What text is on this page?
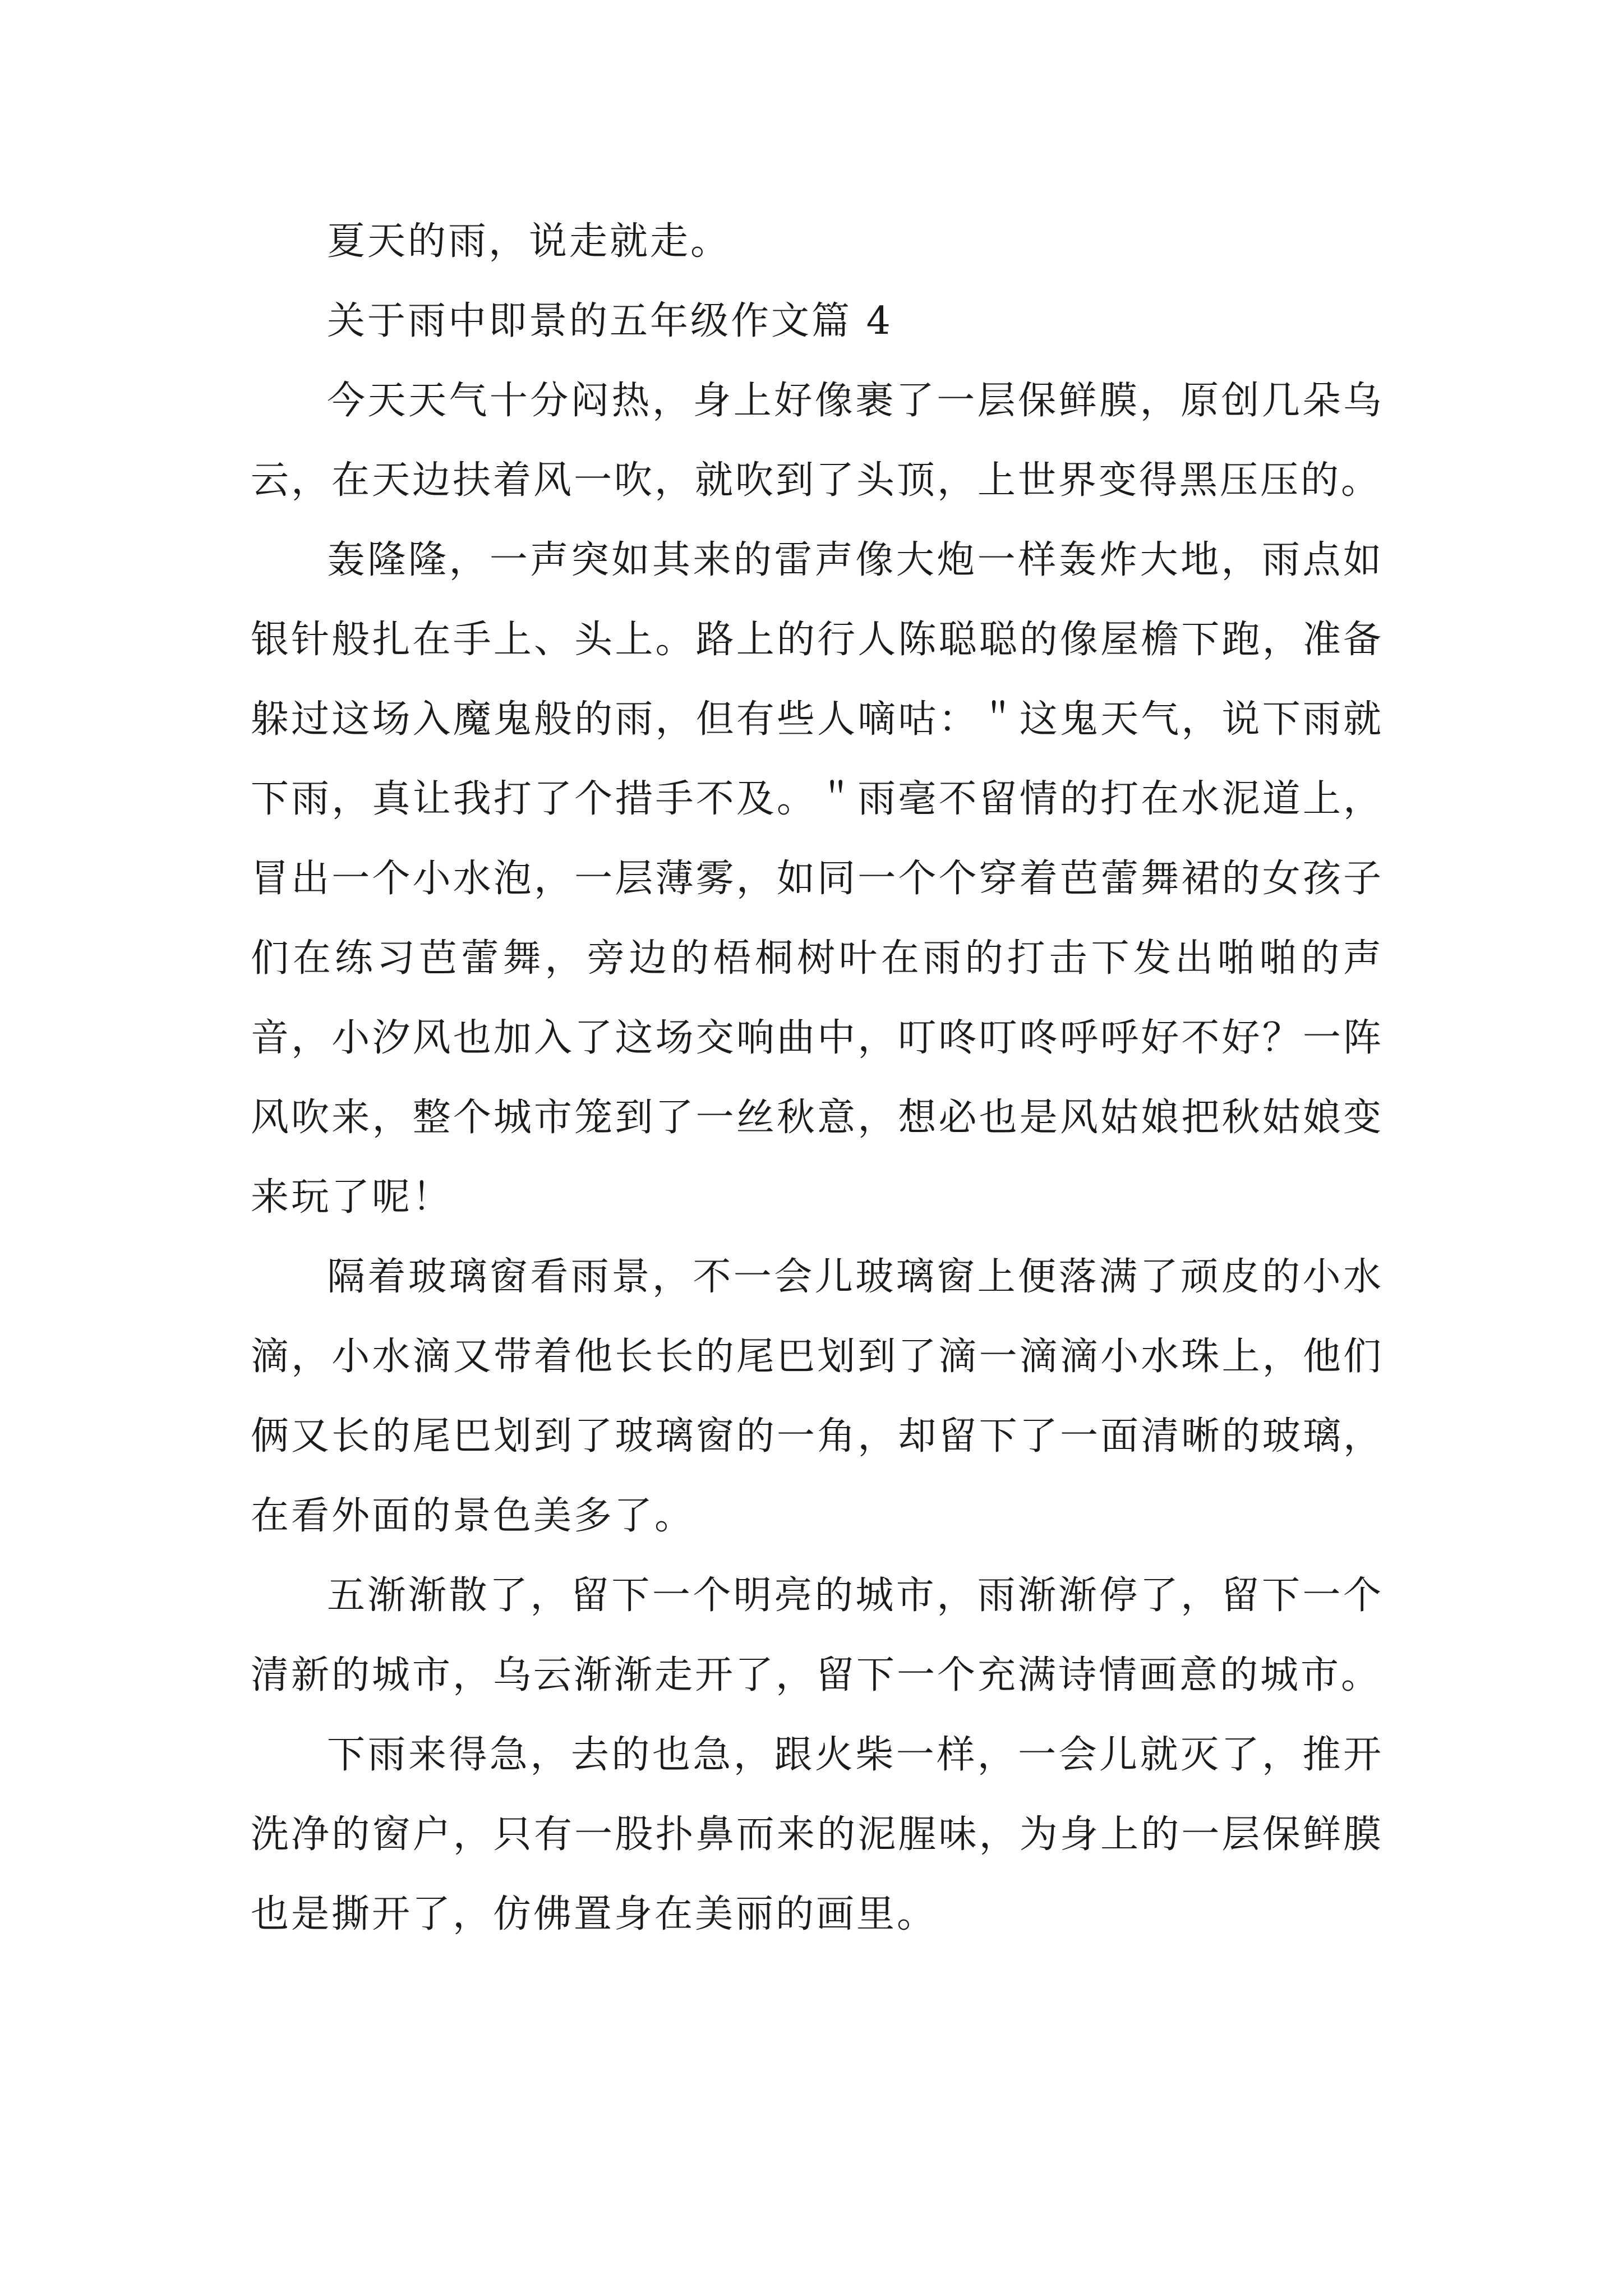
夏天的雨，说走就走。

关于雨中即景的五年级作文篇 4

今天天气十分闷热，身上好像裹了一层保鲜膜，原创几朵乌云，在天边扶着风一吹，就吹到了头顶，上世界变得黑压压的。

轰隆隆，一声突如其来的雷声像大炮一样轰炸大地，雨点如银针般扎在手上、头上。路上的行人陈聪聪的像屋檐下跑，准备躲过这场入魔鬼般的雨，但有些人嘀咕：＂这鬼天气，说下雨就下雨，真让我打了个措手不及。＂雨毫不留情的打在水泥道上，冒出一个小水泡，一层薄雾，如同一个个穿着芭蕾舞裙的女孩子们在练习芭蕾舞，旁边的梧桐树叶在雨的打击下发出啪啪的声音，小汐风也加入了这场交响曲中，叮咚叮咚呼呼好不好？一阵风吹来，整个城市笼到了一丝秋意，想必也是风姑娘把秋姑娘变来玩了呢！

隔着玻璃窗看雨景，不一会儿玻璃窗上便落满了顽皮的小水滴，小水滴又带着他长长的尾巴划到了滴一滴滴小水珠上，他们俩又长的尾巴划到了玻璃窗的一角，却留下了一面清晰的玻璃，在看外面的景色美多了。

五渐渐散了，留下一个明亮的城市，雨渐渐停了，留下一个清新的城市，乌云渐渐走开了，留下一个充满诗情画意的城市。

下雨来得急，去的也急，跟火柴一样，一会儿就灭了，推开洗净的窗户，只有一股扑鼻而来的泥腥味，为身上的一层保鲜膜也是撕开了，仿佛置身在美丽的画里。
